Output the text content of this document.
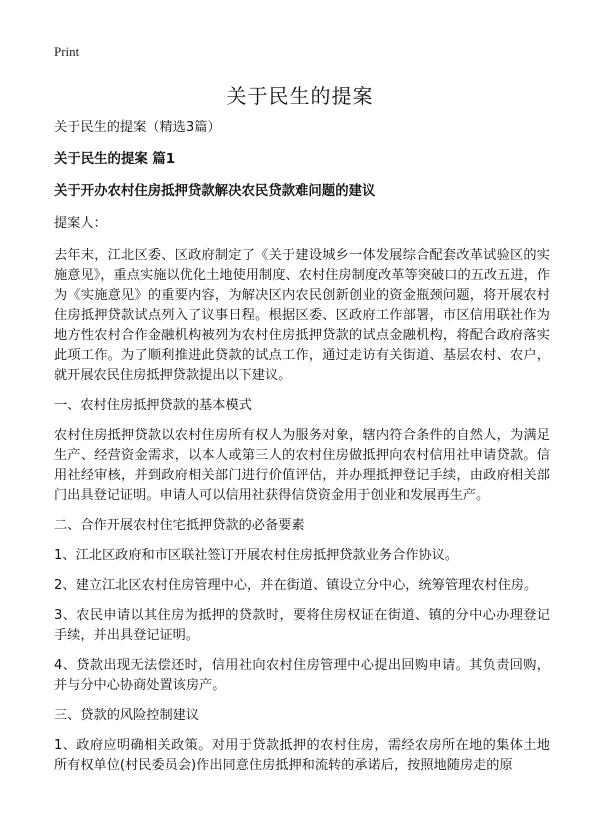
Print
关于民生的提案

关于民生的提案（精选3篇）

关于民生的提案 篇1

关于开办农村住房抵押贷款解决农民贷款难问题的建议

提案人：

去年末，江北区委、区政府制定了《关于建设城乡一体发展综合配套改革试验区的实施意见》，重点实施以优化土地使用制度、农村住房制度改革等突破口的五改五进，作为《实施意见》的重要内容，为解决区内农民创新创业的资金瓶颈问题，将开展农村住房抵押贷款试点列入了议事日程。根据区委、区政府工作部署，市区信用联社作为地方性农村合作金融机构被列为农村住房抵押贷款的试点金融机构，将配合政府落实此项工作。为了顺利推进此贷款的试点工作，通过走访有关街道、基层农村、农户，就开展农民住房抵押贷款提出以下建议。

一、农村住房抵押贷款的基本模式

农村住房抵押贷款以农村住房所有权人为服务对象，辖内符合条件的自然人，为满足生产、经营资金需求，以本人或第三人的农村住房做抵押向农村信用社申请贷款。信用社经审核，并到政府相关部门进行价值评估，并办理抵押登记手续，由政府相关部门出具登记证明。申请人可以信用社获得信贷资金用于创业和发展再生产。

二、合作开展农村住宅抵押贷款的必备要素

1、江北区政府和市区联社签订开展农村住房抵押贷款业务合作协议。

2、建立江北区农村住房管理中心，并在街道、镇设立分中心，统筹管理农村住房。

3、农民申请以其住房为抵押的贷款时，要将住房权证在街道、镇的分中心办理登记手续，并出具登记证明。

4、贷款出现无法偿还时，信用社向农村住房管理中心提出回购申请。其负责回购，并与分中心协商处置该房产。

三、贷款的风险控制建议

1、政府应明确相关政策。对用于贷款抵押的农村住房，需经农房所在地的集体土地所有权单位(村民委员会)作出同意住房抵押和流转的承诺后，按照地随房走的原
